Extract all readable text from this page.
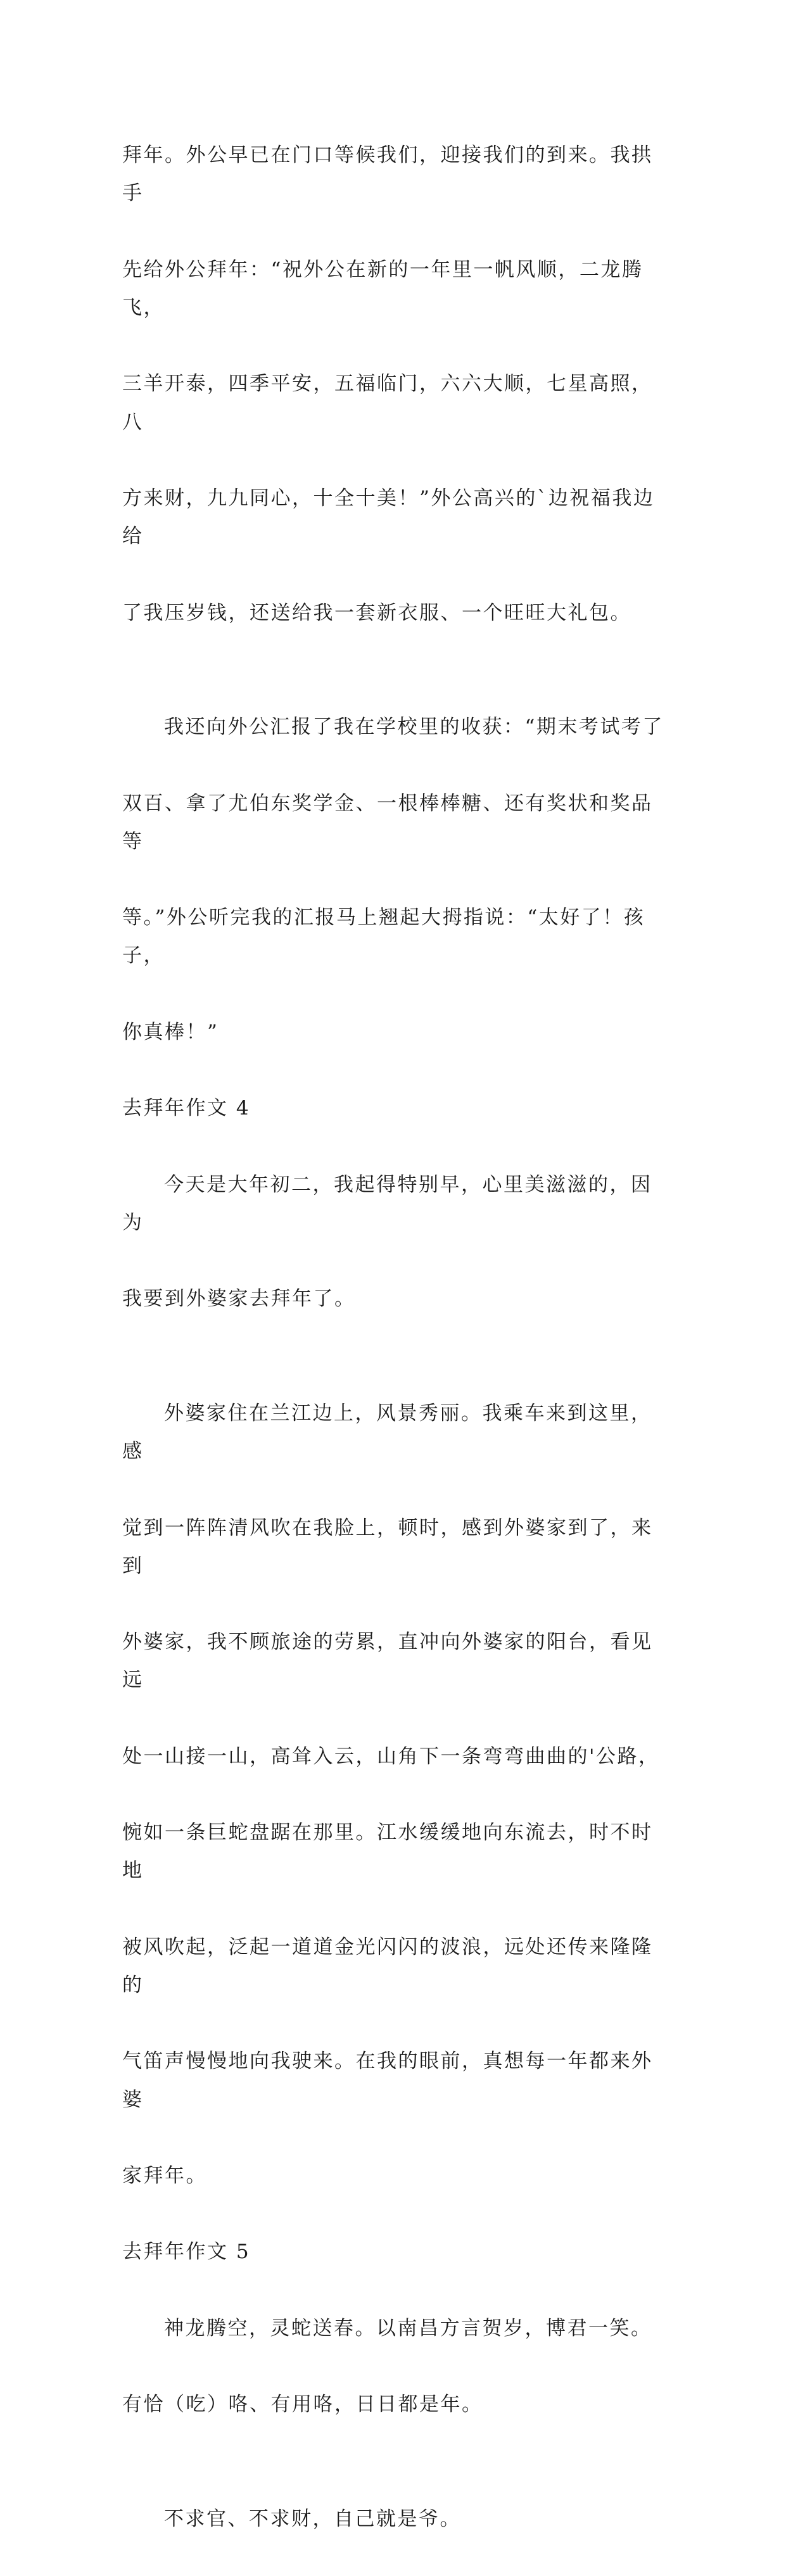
拜年。外公早已在门口等候我们，迎接我们的到来。我拱手

先给外公拜年：“祝外公在新的一年里一帆风顺，二龙腾飞，

三羊开泰，四季平安，五福临门，六六大顺，七星高照，八

方来财，九九同心，十全十美！”外公高兴的`边祝福我边给

了我压岁钱，还送给我一套新衣服、一个旺旺大礼包。

我还向外公汇报了我在学校里的收获：“期末考试考了

双百、拿了尤伯东奖学金、一根棒棒糖、还有奖状和奖品等

等。”外公听完我的汇报马上翘起大拇指说：“太好了！孩子，

你真棒！”

去拜年作文 4

今天是大年初二，我起得特别早，心里美滋滋的，因为

我要到外婆家去拜年了。

外婆家住在兰江边上，风景秀丽。我乘车来到这里，感

觉到一阵阵清风吹在我脸上，顿时，感到外婆家到了，来到

外婆家，我不顾旅途的劳累，直冲向外婆家的阳台，看见远

处一山接一山，高耸入云，山角下一条弯弯曲曲的'公路，

惋如一条巨蛇盘踞在那里。江水缓缓地向东流去，时不时地

被风吹起，泛起一道道金光闪闪的波浪，远处还传来隆隆的

气笛声慢慢地向我驶来。在我的眼前，真想每一年都来外婆

家拜年。

去拜年作文 5

神龙腾空，灵蛇送春。以南昌方言贺岁，博君一笑。

有恰（吃）咯、有用咯，日日都是年。

不求官、不求财，自己就是爷。
